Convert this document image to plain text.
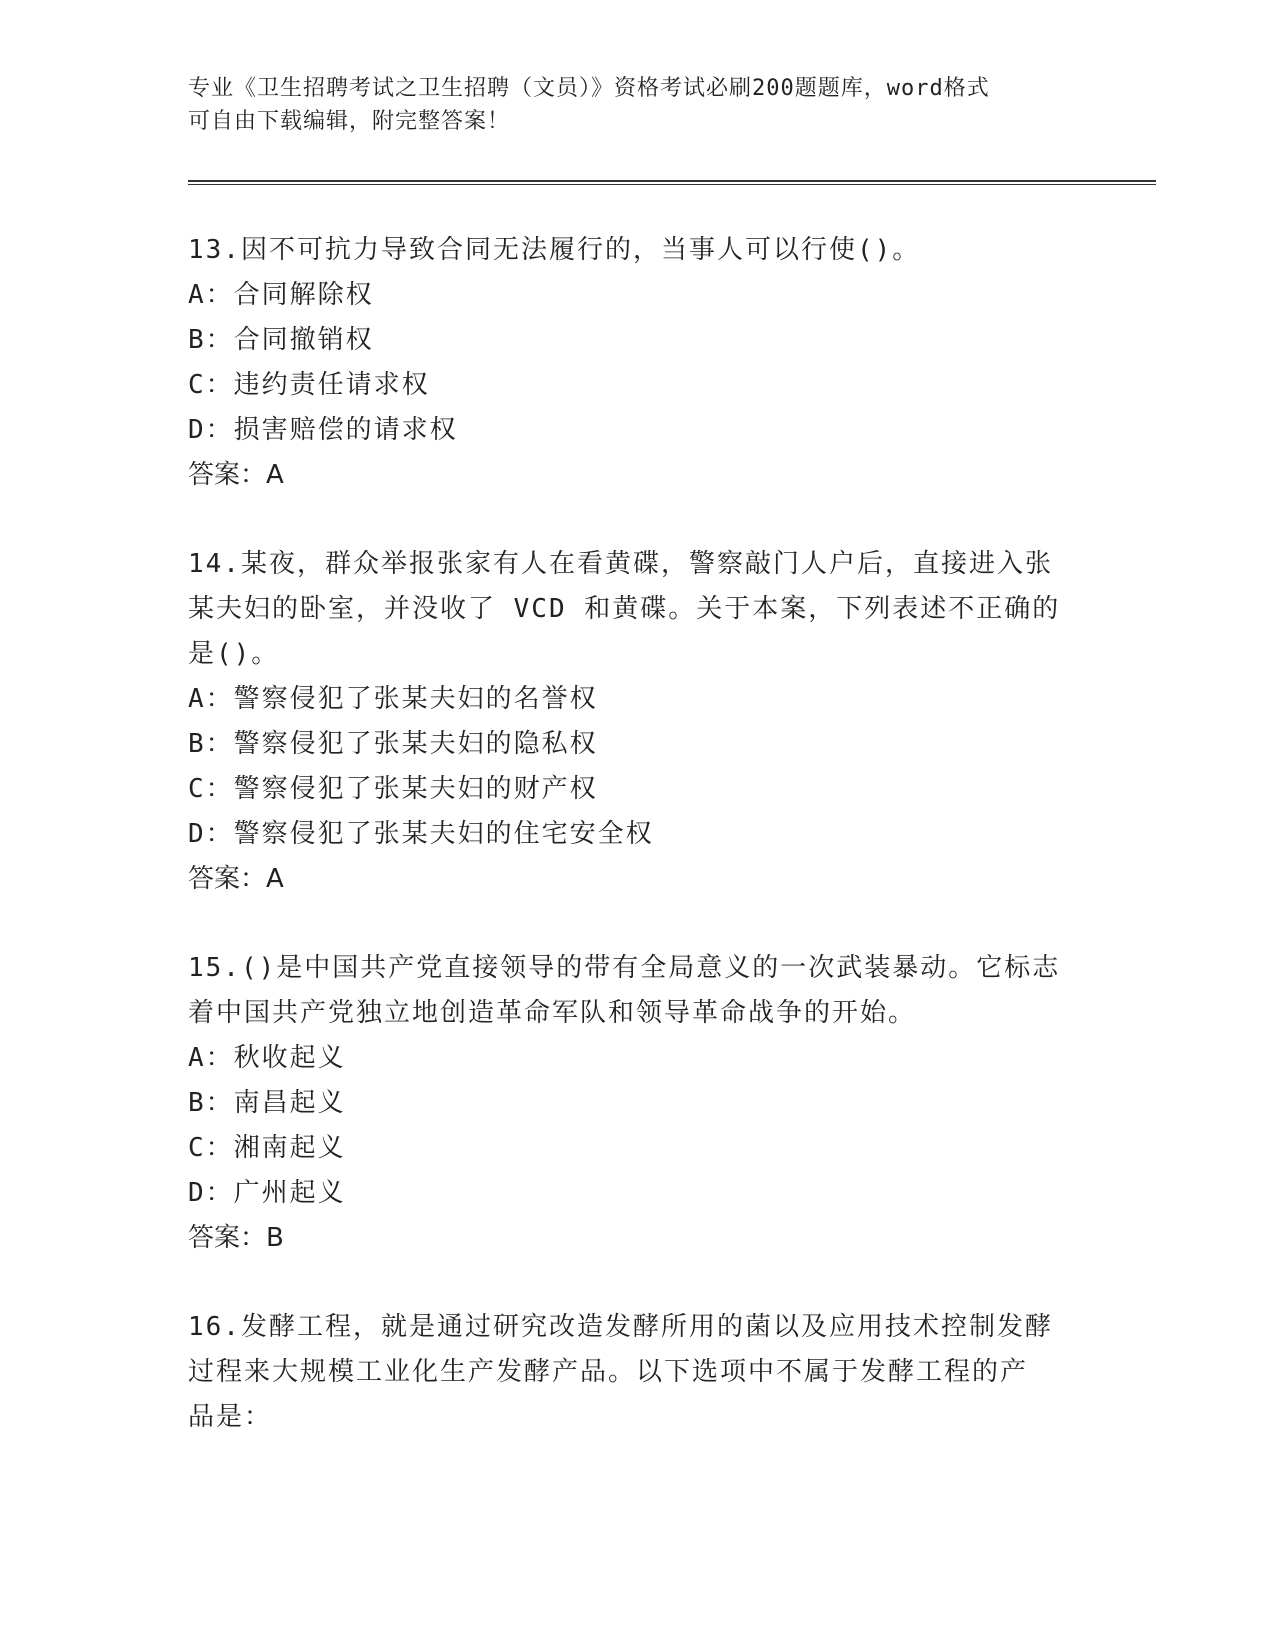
专业《卫生招聘考试之卫生招聘（文员）》资格考试必刷200题题库，word格式
可自由下载编辑，附完整答案！

13.因不可抗力导致合同无法履行的，当事人可以行使()。

A：合同解除权

B：合同撤销权

C：违约责任请求权

D：损害赔偿的请求权

答案：A

14.某夜，群众举报张家有人在看黄碟，警察敲门人户后，直接进入张

某夫妇的卧室，并没收了 VCD 和黄碟。关于本案，下列表述不正确的

是()。

A：警察侵犯了张某夫妇的名誉权

B：警察侵犯了张某夫妇的隐私权

C：警察侵犯了张某夫妇的财产权

D：警察侵犯了张某夫妇的住宅安全权

答案：A

15.()是中国共产党直接领导的带有全局意义的一次武装暴动。它标志

着中国共产党独立地创造革命军队和领导革命战争的开始。

A：秋收起义

B：南昌起义

C：湘南起义

D：广州起义

答案：B

16.发酵工程，就是通过研究改造发酵所用的菌以及应用技术控制发酵

过程来大规模工业化生产发酵产品。以下选项中不属于发酵工程的产

品是：
